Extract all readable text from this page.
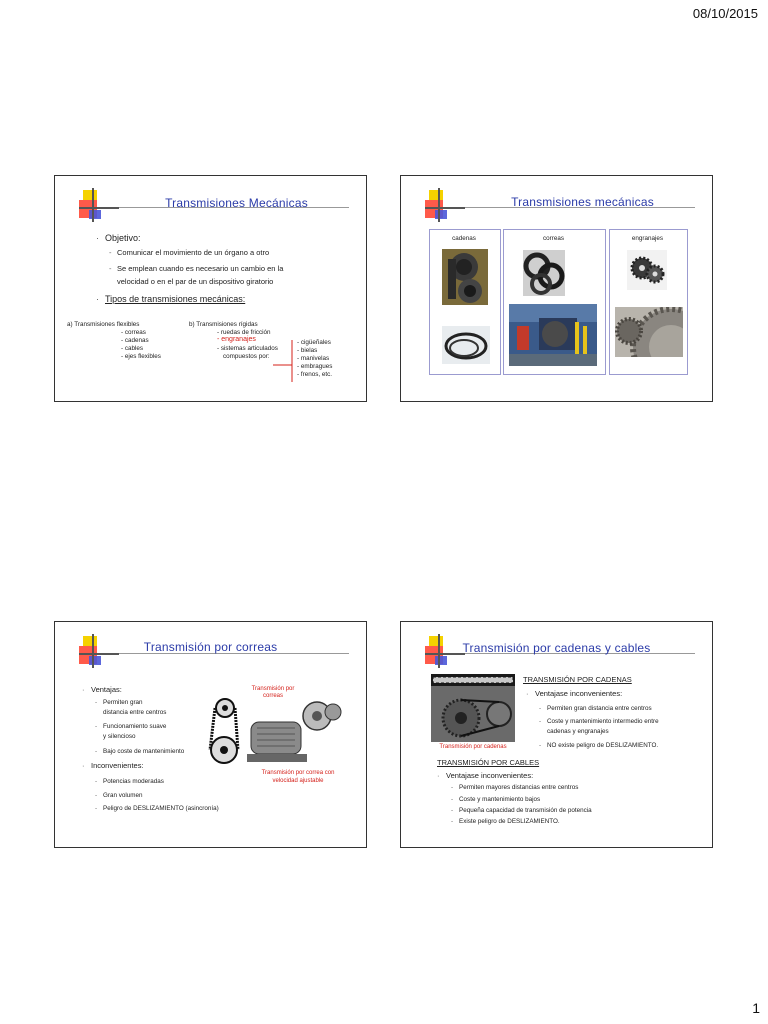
08/10/2015
Transmisiones Mecánicas
· Objetivo:
- Comunicar el movimiento de un órgano a otro
- Se emplean cuando es necesario un cambio en la
velocidad o en el par de un dispositivo giratorio
· Tipos de transmisiones mecánicas:
a) Transmisiones flexibles
- correas
- cadenas
- cables
- ejes flexibles
b) Transmisiones rígidas
- ruedas de fricción
- engranajes
- sistemas articulados
compuestos por:
- cigüeñales
- bielas
- manivelas
- embragues
- frenos, etc.
Transmisiones mecánicas
cadenas	correas	engranajes
Transmisión por correas
· Ventajas:
- Permiten gran
distancia entre centros
- Funcionamiento suave
y silencioso
- Bajo coste de mantenimiento
· Inconvenientes:
- Potencias moderadas
- Gran volumen
- Peligro de DESLIZAMIENTO (asincronía)
Transmisión por
correas
Transmisión por correa con
velocidad ajustable
Transmisión por cadenas y cables
Transmisión por cadenas
TRANSMISIÓN POR CADENAS
· Ventajase inconvenientes:
- Permiten gran distancia entre centros
- Coste y mantenimiento intermedio entre
cadenas y engranajes
- NO existe peligro de DESLIZAMIENTO.
TRANSMISIÓN POR CABLES
· Ventajase inconvenientes:
- Permiten mayores distancias entre centros
- Coste y mantenimiento bajos
- Pequeña capacidad de transmisión de potencia
- Existe peligro de DESLIZAMIENTO.
1
